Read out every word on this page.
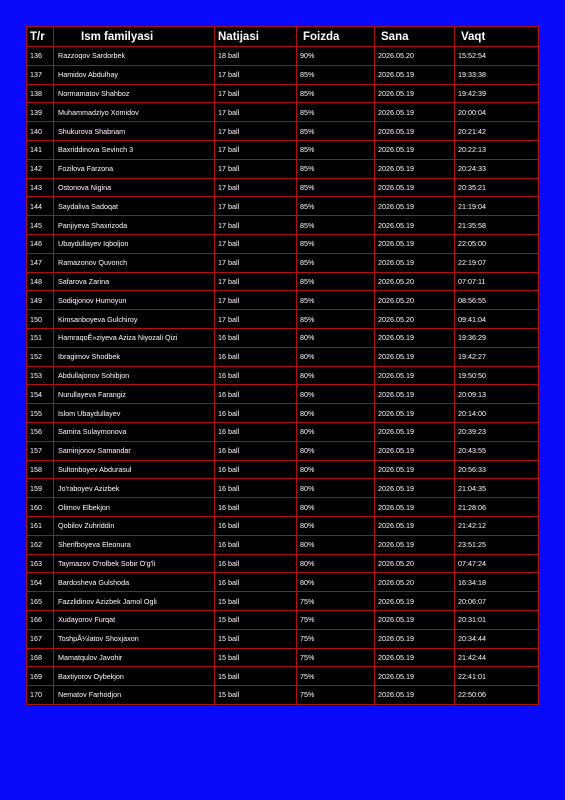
T/r	Ism familyasi	Natijasi	Foizda	Sana	Vaqt
136	Razzoqov Sardorbek	18 ball	90%	2026.05.20	15:52:54
137	Hamidov Abdulhay	17 ball	85%	2026.05.19	19:33:38
138	Normamatov Shahboz	17 ball	85%	2026.05.19	19:42:39
139	Muhammadziyo Xomidov	17 ball	85%	2026.05.19	20:00:04
140	Shukurova Shabnam	17 ball	85%	2026.05.19	20:21:42
141	Baxriddinova Sevinch 3	17 ball	85%	2026.05.19	20:22:13
142	Fozilova Farzona	17 ball	85%	2026.05.19	20:24:33
143	Ostonova Nigina	17 ball	85%	2026.05.19	20:35:21
144	Saydaliva Sadoqat	17 ball	85%	2026.05.19	21:19:04
145	Panjiyeva Shaxrizoda	17 ball	85%	2026.05.19	21:35:58
146	Ubaydullayev Iqboljon	17 ball	85%	2026.05.19	22:05:00
147	Ramazonov Quvonch	17 ball	85%	2026.05.19	22:19:07
148	Safarova Zarina	17 ball	85%	2026.05.20	07:07:11
149	Sodiqjonov Humoyun	17 ball	85%	2026.05.20	08:56:55
150	Kimsanboyeva Gulchiroy	17 ball	85%	2026.05.20	09:41:04
151	HamraqoÊ»ziyeva Aziza Niyozali Qizi	16 ball	80%	2026.05.19	19:36:29
152	Ibragimov Shodbek	16 ball	80%	2026.05.19	19:42:27
153	Abdullajonov Sohibjon	16 ball	80%	2026.05.19	19:50:50
154	Nurullayeva Farangiz	16 ball	80%	2026.05.19	20:09:13
155	Islom Ubaydullayev	16 ball	80%	2026.05.19	20:14:00
156	Samira Sulaymonova	16 ball	80%	2026.05.19	20:39:23
157	Saminjonov Samandar	16 ball	80%	2026.05.19	20:43:55
158	Sultonboyev Abdurasul	16 ball	80%	2026.05.19	20:56:33
159	Jo'raboyev Azizbek	16 ball	80%	2026.05.19	21:04:35
160	Olimov Elbekjon	16 ball	80%	2026.05.19	21:28:06
161	Qobilov Zuhriddin	16 ball	80%	2026.05.19	21:42:12
162	Sherifboyeva Eleonura	16 ball	80%	2026.05.19	23:51:25
163	Taymazov O'rolbek Sobir O'g'li	16 ball	80%	2026.05.20	07:47:24
164	Bardosheva Gulshoda	16 ball	80%	2026.05.20	16:34:18
165	Fazzlidinov Azizbek Jamol Ogli	15 ball	75%	2026.05.19	20:06:07
166	Xudayorov Furqat	15 ball	75%	2026.05.19	20:31:01
167	ToshpÃ¼latov Shoxjaxon	15 ball	75%	2026.05.19	20:34:44
168	Mamatqulov Javohir	15 ball	75%	2026.05.19	21:42:44
169	Baxtiyorov Oybekjon	15 ball	75%	2026.05.19	22:41:01
170	Nematov Farhodjon	15 ball	75%	2026.05.19	22:50:06
